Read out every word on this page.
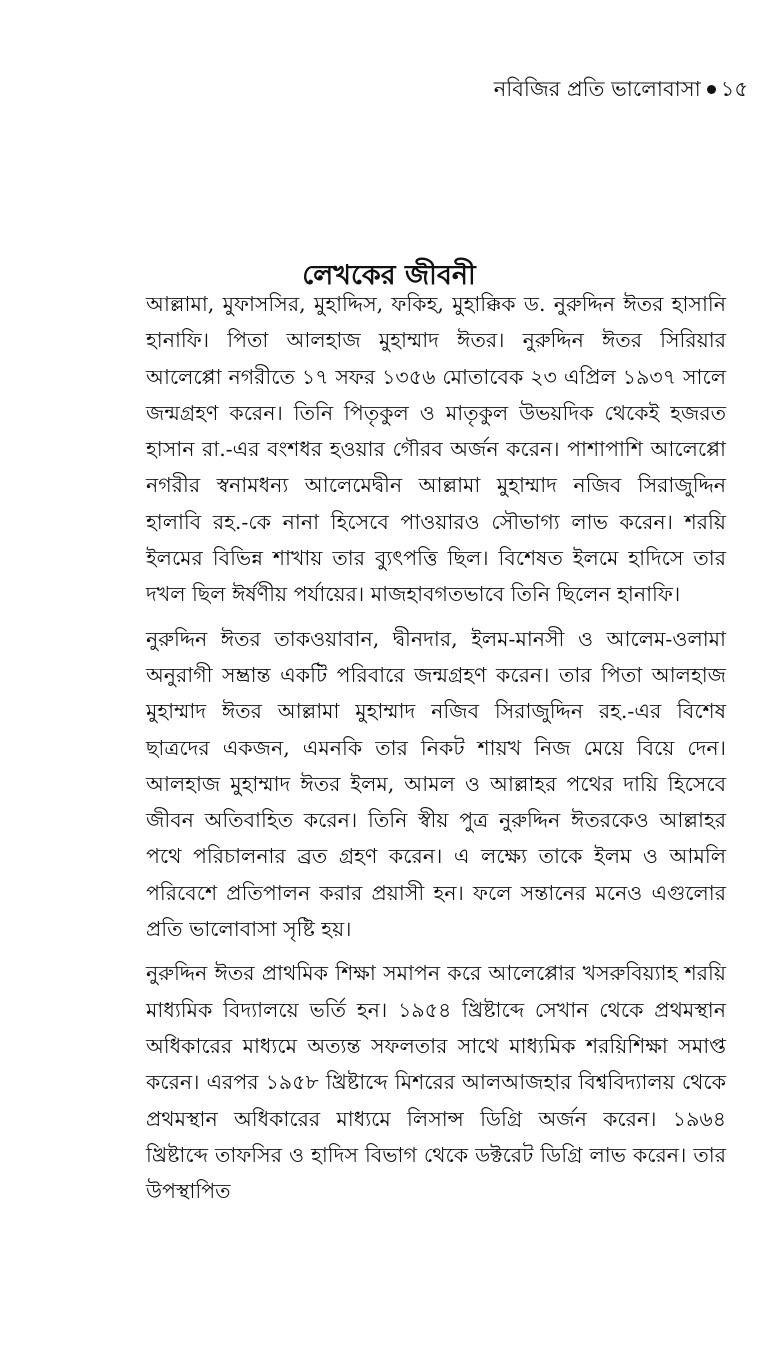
নবিজির প্রতি ভালোবাসা ১৫
লেখকের জীবনী

আল্লামা, মুফাসসির, মুহাদ্দিস, ফকিহ, মুহাক্কিক ড. নুরুদ্দিন ঈতর হাসানি হানাফি। পিতা আলহাজ মুহাম্মাদ ঈতর। নুরুদ্দিন ঈতর সিরিয়ার আলেপ্পো নগরীতে ১৭ সফর ১৩৫৬ মোতাবেক ২৩ এপ্রিল ১৯৩৭ সালে জন্মগ্রহণ করেন। তিনি পিতৃকুল ও মাতৃকুল উভয়দিক থেকেই হজরত হাসান রা.-এর বংশধর হওয়ার গৌরব অর্জন করেন। পাশাপাশি আলেপ্পো নগরীর স্বনামধন্য আলেমেদ্বীন আল্লামা মুহাম্মাদ নজিব সিরাজুদ্দিন হালাবি রহ.-কে নানা হিসেবে পাওয়ারও সৌভাগ্য লাভ করেন। শরয়ি ইলমের বিভিন্ন শাখায় তার ব্যুৎপত্তি ছিল। বিশেষত ইলমে হাদিসে তার দখল ছিল ঈর্ষণীয় পর্যায়ের। মাজহাবগতভাবে তিনি ছিলেন হানাফি।

নুরুদ্দিন ঈতর তাকওয়াবান, দ্বীনদার, ইলম-মানসী ও আলেম-ওলামা অনুরাগী সম্ভ্রান্ত একটি পরিবারে জন্মগ্রহণ করেন। তার পিতা আলহাজ মুহাম্মাদ ঈতর আল্লামা মুহাম্মাদ নজিব সিরাজুদ্দিন রহ.-এর বিশেষ ছাত্রদের একজন, এমনকি তার নিকট শায়খ নিজ মেয়ে বিয়ে দেন। আলহাজ মুহাম্মাদ ঈতর ইলম, আমল ও আল্লাহর পথের দায়ি হিসেবে জীবন অতিবাহিত করেন। তিনি স্বীয় পুত্র নুরুদ্দিন ঈতরকেও আল্লাহর পথে পরিচালনার ব্রত গ্রহণ করেন। এ লক্ষ্যে তাকে ইলম ও আমলি পরিবেশে প্রতিপালন করার প্রয়াসী হন। ফলে সন্তানের মনেও এগুলোর প্রতি ভালোবাসা সৃষ্টি হয়।

নুরুদ্দিন ঈতর প্রাথমিক শিক্ষা সমাপন করে আলেপ্পোর খসরুবিয়্যাহ শরয়ি মাধ্যমিক বিদ্যালয়ে ভর্তি হন। ১৯৫৪ খ্রিষ্টাব্দে সেখান থেকে প্রথমস্থান অধিকারের মাধ্যমে অত্যন্ত সফলতার সাথে মাধ্যমিক শরয়িশিক্ষা সমাপ্ত করেন। এরপর ১৯৫৮ খ্রিষ্টাব্দে মিশরের আলআজহার বিশ্ববিদ্যালয় থেকে প্রথমস্থান অধিকারের মাধ্যমে লিসান্স ডিগ্রি অর্জন করেন। ১৯৬৪ খ্রিষ্টাব্দে তাফসির ও হাদিস বিভাগ থেকে ডক্টরেট ডিগ্রি লাভ করেন। তার উপস্থাপিত
